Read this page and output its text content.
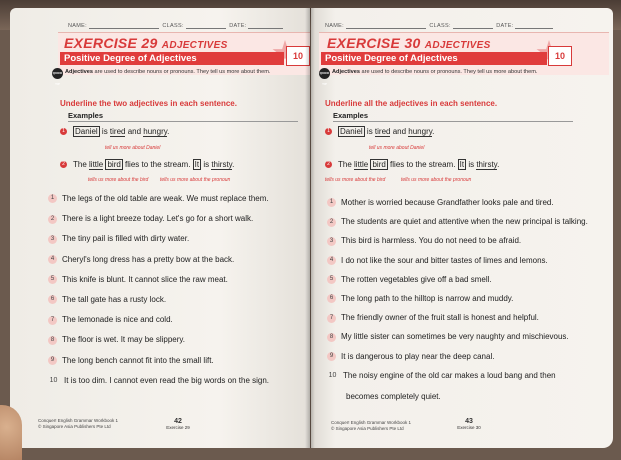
NAME:	CLASS:	DATE:
EXERCISE 29 ADJECTIVES
Positive Degree of Adjectives	10
QUICK TIP
Adjectives are used to describe nouns or pronouns. They tell us more about them.
Underline the two adjectives in each sentence.
Examples
1 Daniel is tired and hungry.
tell us more about Daniel
2 The little bird flies to the stream. It is thirsty.
tells us more about the bird tells us more about the pronoun
1 The legs of the old table are weak. We must replace them.
2 There is a light breeze today. Let's go for a short walk.
3 The tiny pail is filled with dirty water.
4 Cheryl's long dress has a pretty bow at the back.
5 This knife is blunt. It cannot slice the raw meat.
6 The tall gate has a rusty lock.
7 The lemonade is nice and cold.
8 The floor is wet. It may be slippery.
9 The long bench cannot fit into the small lift.
10 It is too dim. I cannot even read the big words on the sign.
Conquer! English Grammar Workbook 1
© Singapore Asia Publishers Pte Ltd
42
Exercise 29
NAME:	CLASS:	DATE:
EXERCISE 30 ADJECTIVES
Positive Degree of Adjectives	10
QUICK TIP
Adjectives are used to describe nouns or pronouns. They tell us more about them.
Underline all the adjectives in each sentence.
Examples
1 Daniel is tired and hungry.
tell us more about Daniel
2 The little bird flies to the stream. It is thirsty.
tells us more about the bird	tells us more about the pronoun
1 Mother is worried because Grandfather looks pale and tired.
2 The students are quiet and attentive when the new principal is talking.
3 This bird is harmless. You do not need to be afraid.
4 I do not like the sour and bitter tastes of limes and lemons.
5 The rotten vegetables give off a bad smell.
6 The long path to the hilltop is narrow and muddy.
7 The friendly owner of the fruit stall is honest and helpful.
8 My little sister can sometimes be very naughty and mischievous.
9 It is dangerous to play near the deep canal.
10 The noisy engine of the old car makes a loud bang and then
becomes completely quiet.
Conquer! English Grammar Workbook 1
© Singapore Asia Publishers Pte Ltd
43
Exercise 30
